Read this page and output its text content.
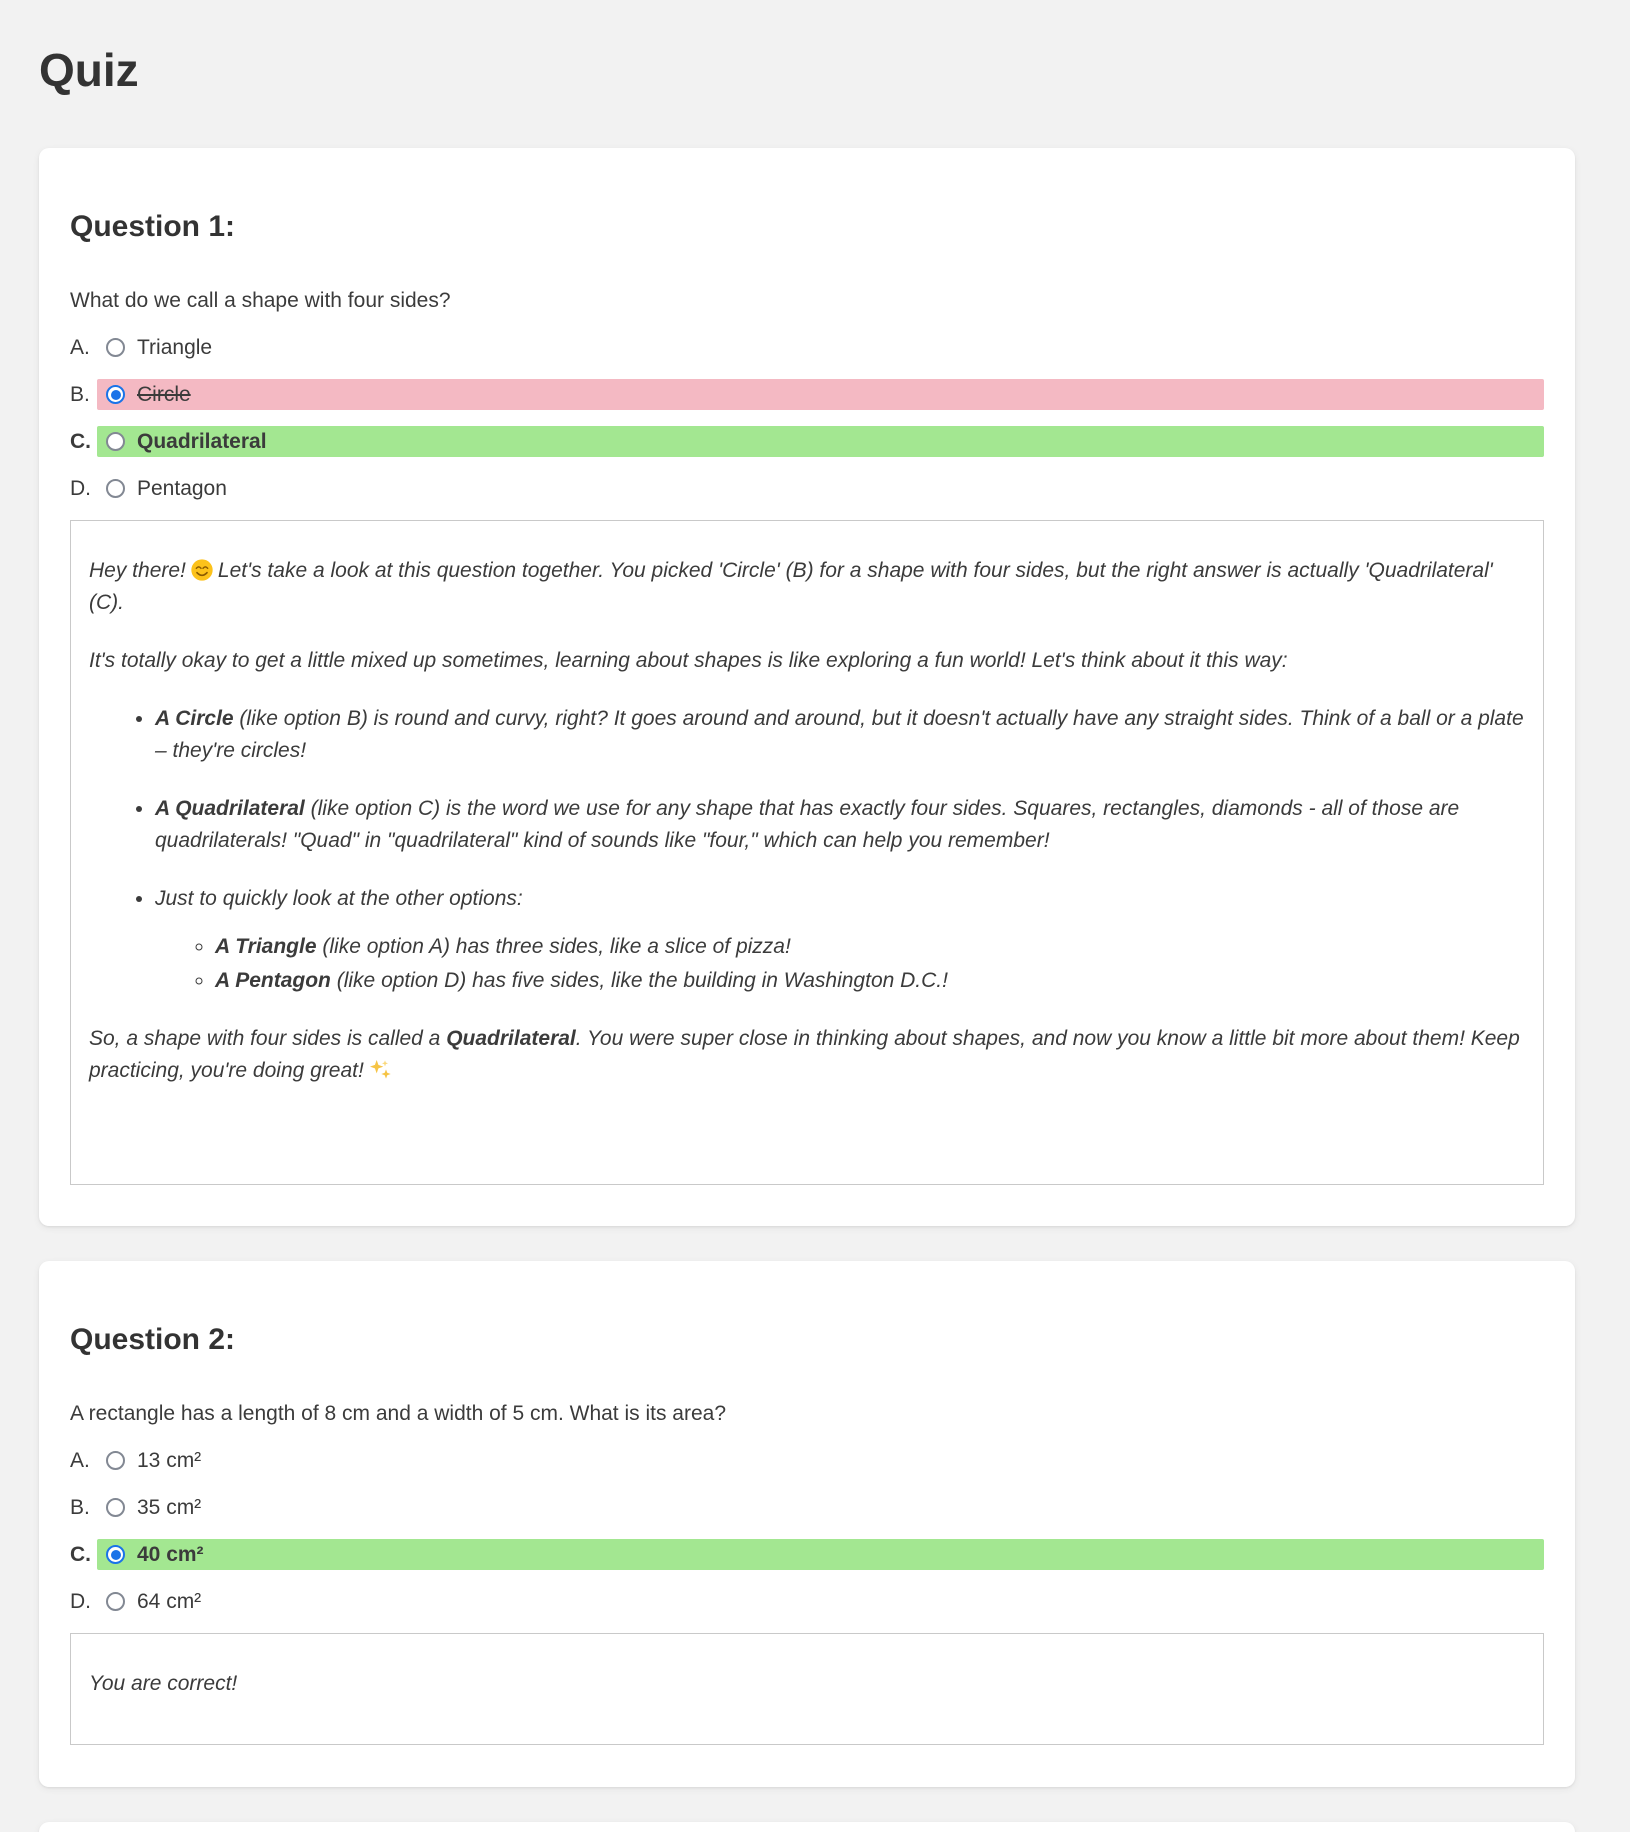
Quiz
Question 1:

What do we call a shape with four sides?

A.	Triangle
B.	Circle
C. Quadrilateral
D. Pentagon

Hey there! Let's take a look at this question together. You picked 'Circle' (B) for a shape with four sides, but the right answer is actually 'Quadrilateral' (C).

It's totally okay to get a little mixed up sometimes, learning about shapes is like exploring a fun world! Let's think about it this way:

• A Circle (like option B) is round and curvy, right? It goes around and around, but it doesn't actually have any straight sides. Think of a ball or a plate – they're circles!
• A Quadrilateral (like option C) is the word we use for any shape that has exactly four sides. Squares, rectangles, diamonds - all of those are quadrilaterals! "Quad" in "quadrilateral" kind of sounds like "four," which can help you remember!
• Just to quickly look at the other options:
◦ A Triangle (like option A) has three sides, like a slice of pizza!
◦ A Pentagon (like option D) has five sides, like the building in Washington D.C.!

So, a shape with four sides is called a Quadrilateral. You were super close in thinking about shapes, and now you know a little bit more about them! Keep practicing, you're doing great!

Question 2:

A rectangle has a length of 8 cm and a width of 5 cm. What is its area?

A.	13 cm²
B.	35 cm²
C. 40 cm²
D. 64 cm²

You are correct!
